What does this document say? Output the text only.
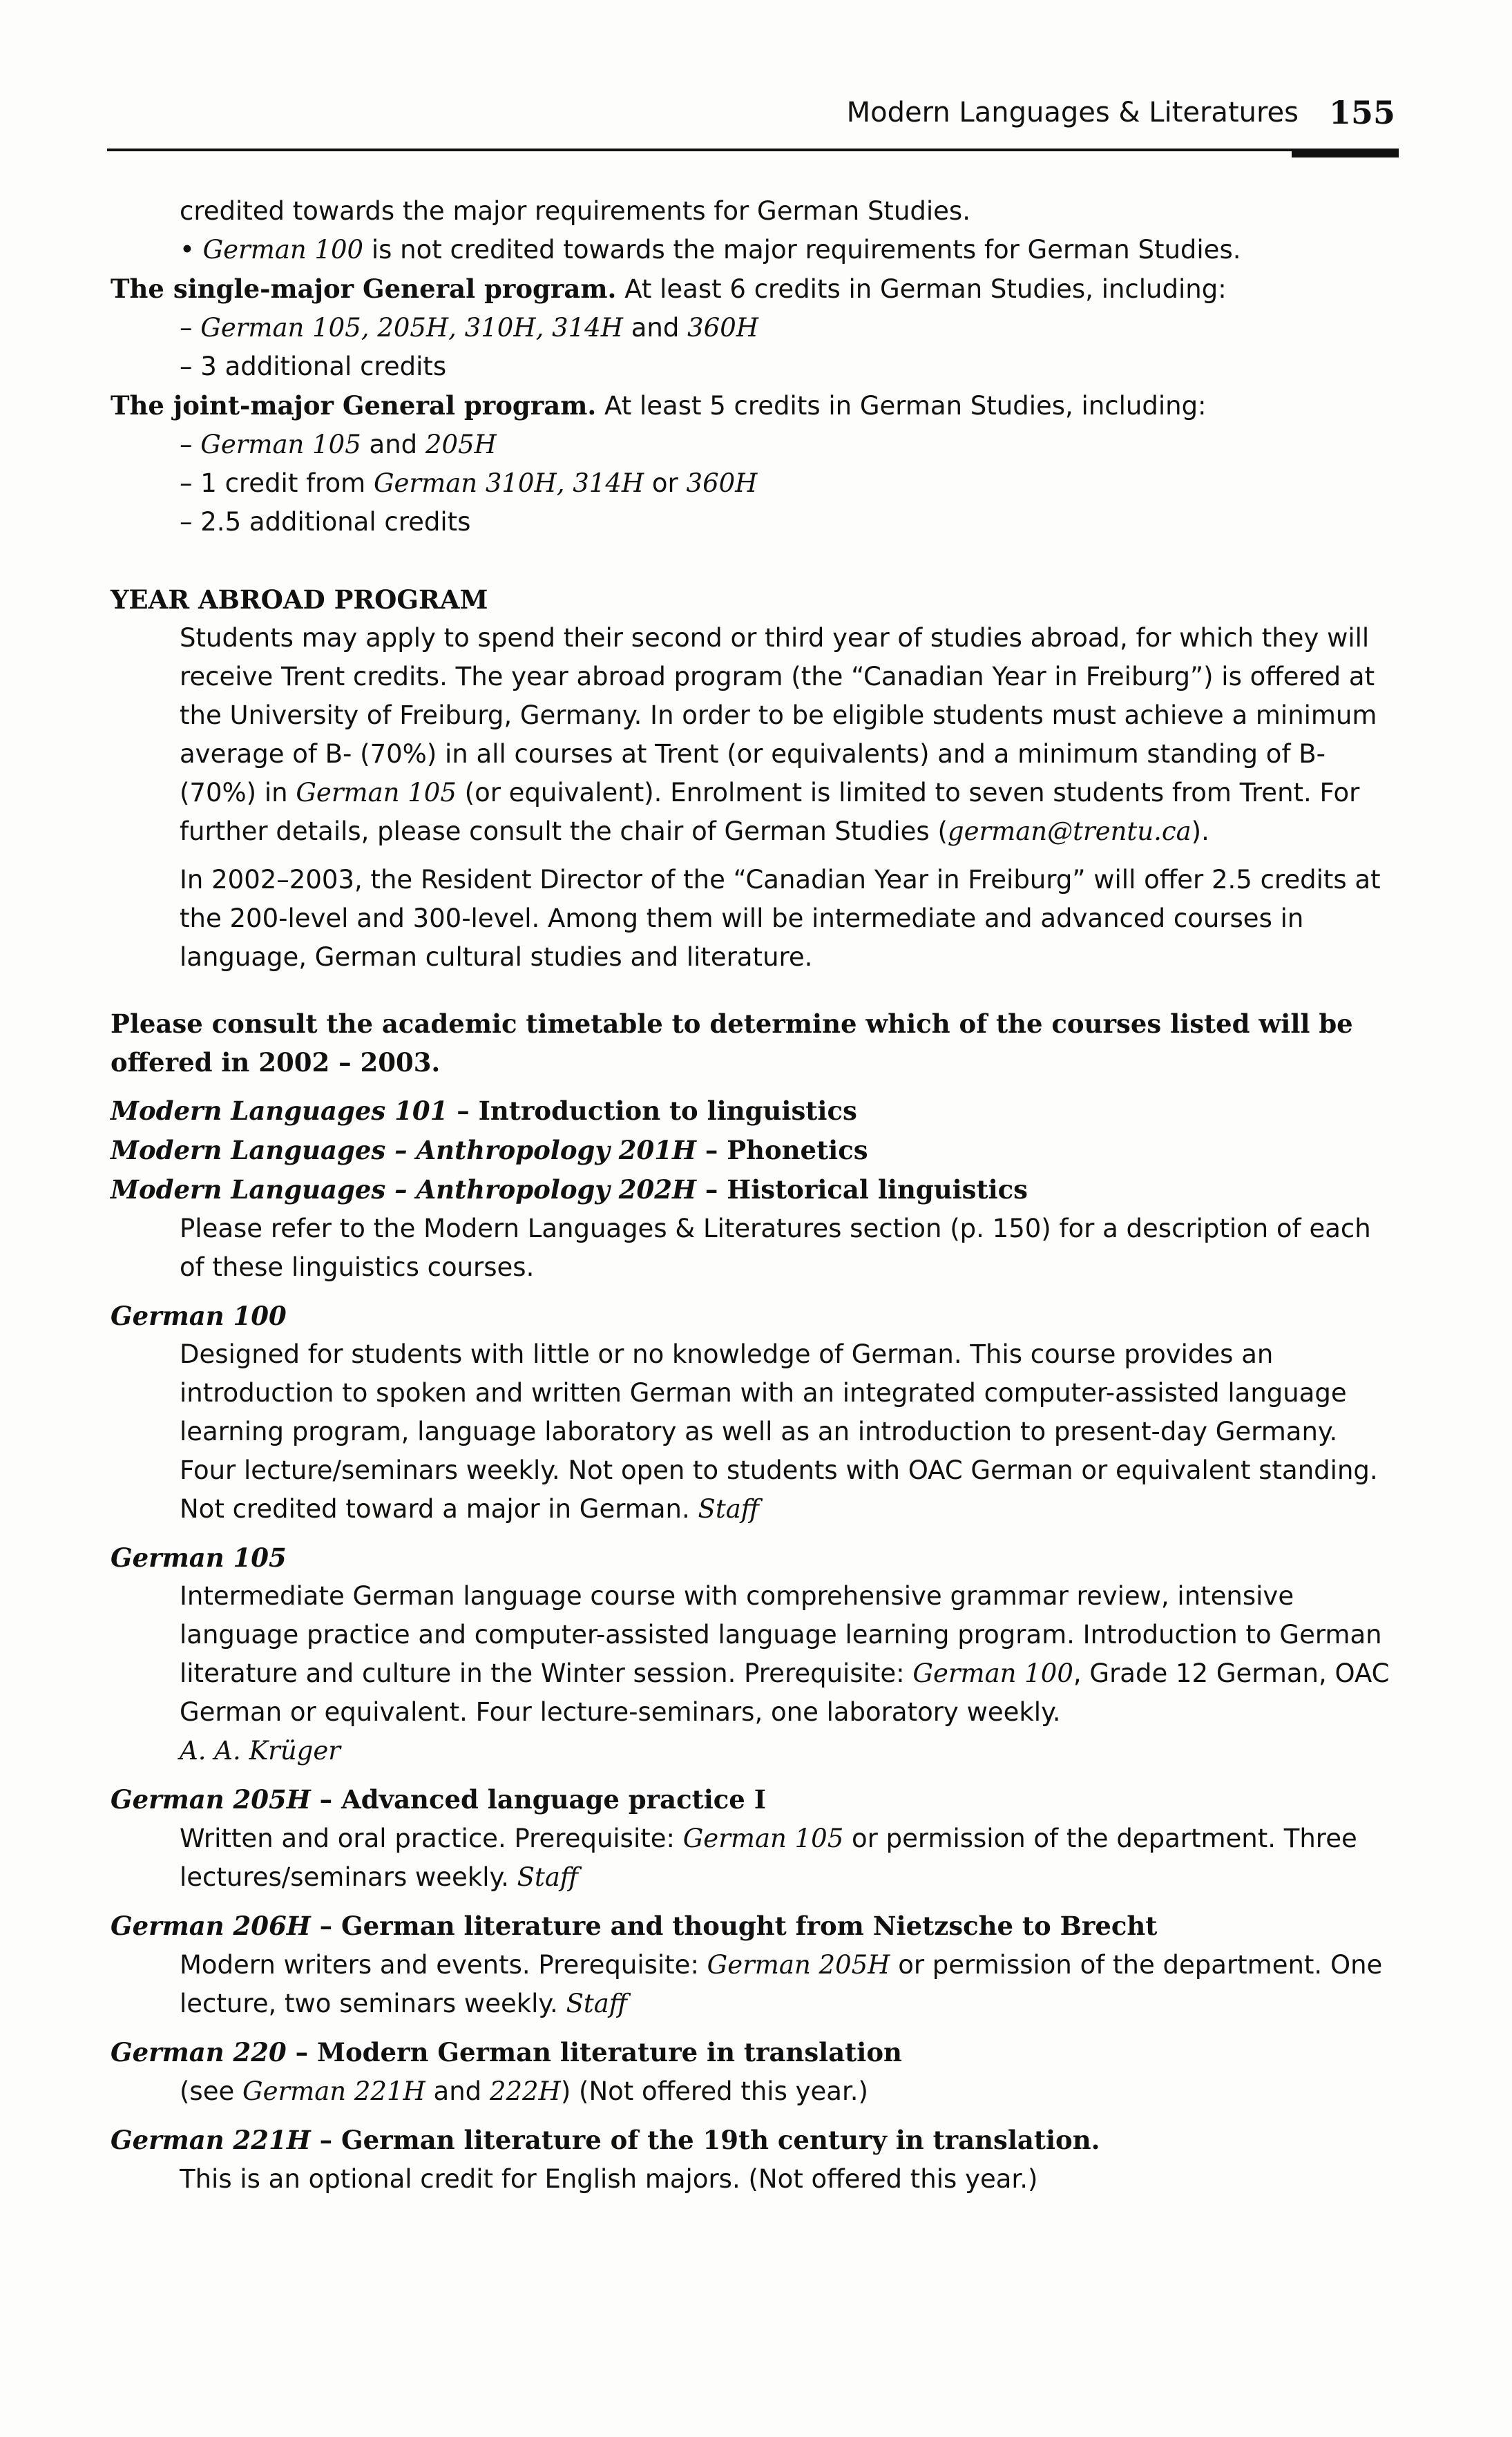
Modern Languages & Literatures 155

credited towards the major requirements for German Studies.

• German 100 is not credited towards the major requirements for German Studies.

The single-major General program. At least 6 credits in German Studies, including:

– German 105, 205H, 310H, 314H and 360H

– 3 additional credits

The joint-major General program. At least 5 credits in German Studies, including:

– German 105 and 205H

– 1 credit from German 310H, 314H or 360H

– 2.5 additional credits

YEAR ABROAD PROGRAM

Students may apply to spend their second or third year of studies abroad, for which they will receive Trent credits. The year abroad program (the “Canadian Year in Freiburg”) is offered at the University of Freiburg, Germany. In order to be eligible students must achieve a minimum average of B- (70%) in all courses at Trent (or equivalents) and a minimum standing of B- (70%) in German 105 (or equivalent). Enrolment is limited to seven students from Trent. For further details, please consult the chair of German Studies (german@trentu.ca).

In 2002–2003, the Resident Director of the “Canadian Year in Freiburg” will offer 2.5 credits at the 200-level and 300-level. Among them will be intermediate and advanced courses in language, German cultural studies and literature.

Please consult the academic timetable to determine which of the courses listed will be offered in 2002 – 2003.

Modern Languages 101 – Introduction to linguistics

Modern Languages – Anthropology 201H – Phonetics

Modern Languages – Anthropology 202H – Historical linguistics

Please refer to the Modern Languages & Literatures section (p. 150) for a description of each of these linguistics courses.

German 100

Designed for students with little or no knowledge of German. This course provides an introduction to spoken and written German with an integrated computer-assisted language learning program, language laboratory as well as an introduction to present-day Germany. Four lecture/seminars weekly. Not open to students with OAC German or equivalent standing. Not credited toward a major in German. Staff

German 105

Intermediate German language course with comprehensive grammar review, intensive language practice and computer-assisted language learning program. Introduction to German literature and culture in the Winter session. Prerequisite: German 100, Grade 12 German, OAC German or equivalent. Four lecture-seminars, one laboratory weekly.

A. A. Krüger

German 205H – Advanced language practice I

Written and oral practice. Prerequisite: German 105 or permission of the department. Three lectures/seminars weekly. Staff

German 206H – German literature and thought from Nietzsche to Brecht

Modern writers and events. Prerequisite: German 205H or permission of the department. One lecture, two seminars weekly. Staff

German 220 – Modern German literature in translation

(see German 221H and 222H) (Not offered this year.)

German 221H – German literature of the 19th century in translation.

This is an optional credit for English majors. (Not offered this year.)
